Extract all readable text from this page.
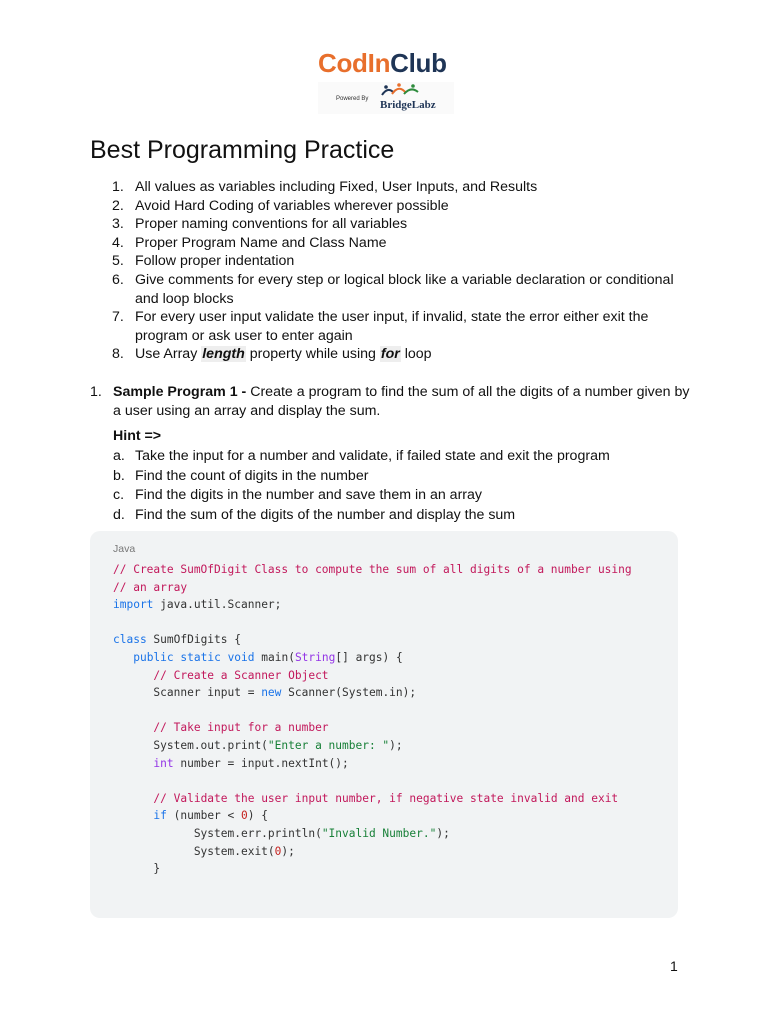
CodInClub
Powered By BridgeLabz
Best Programming Practice
1. All values as variables including Fixed, User Inputs, and Results
2. Avoid Hard Coding of variables wherever possible
3. Proper naming conventions for all variables
4. Proper Program Name and Class Name
5. Follow proper indentation
6. Give comments for every step or logical block like a variable declaration or conditional and loop blocks
7. For every user input validate the user input, if invalid, state the error either exit the program or ask user to enter again
8. Use Array length property while using for loop
1. Sample Program 1 - Create a program to find the sum of all the digits of a number given by a user using an array and display the sum.
Hint =>
a. Take the input for a number and validate, if failed state and exit the program
b. Find the count of digits in the number
c. Find the digits in the number and save them in an array
d. Find the sum of the digits of the number and display the sum
Java
// Create SumOfDigit Class to compute the sum of all digits of a number using
// an array
import java.util.Scanner;
class SumOfDigits {
public static void main(String[] args) {
// Create a Scanner Object
Scanner input = new Scanner(System.in);
// Take input for a number
System.out.print("Enter a number: ");
int number = input.nextInt();
// Validate the user input number, if negative state invalid and exit
if (number < 0) {
System.err.println("Invalid Number.");
System.exit(0);
}
1
